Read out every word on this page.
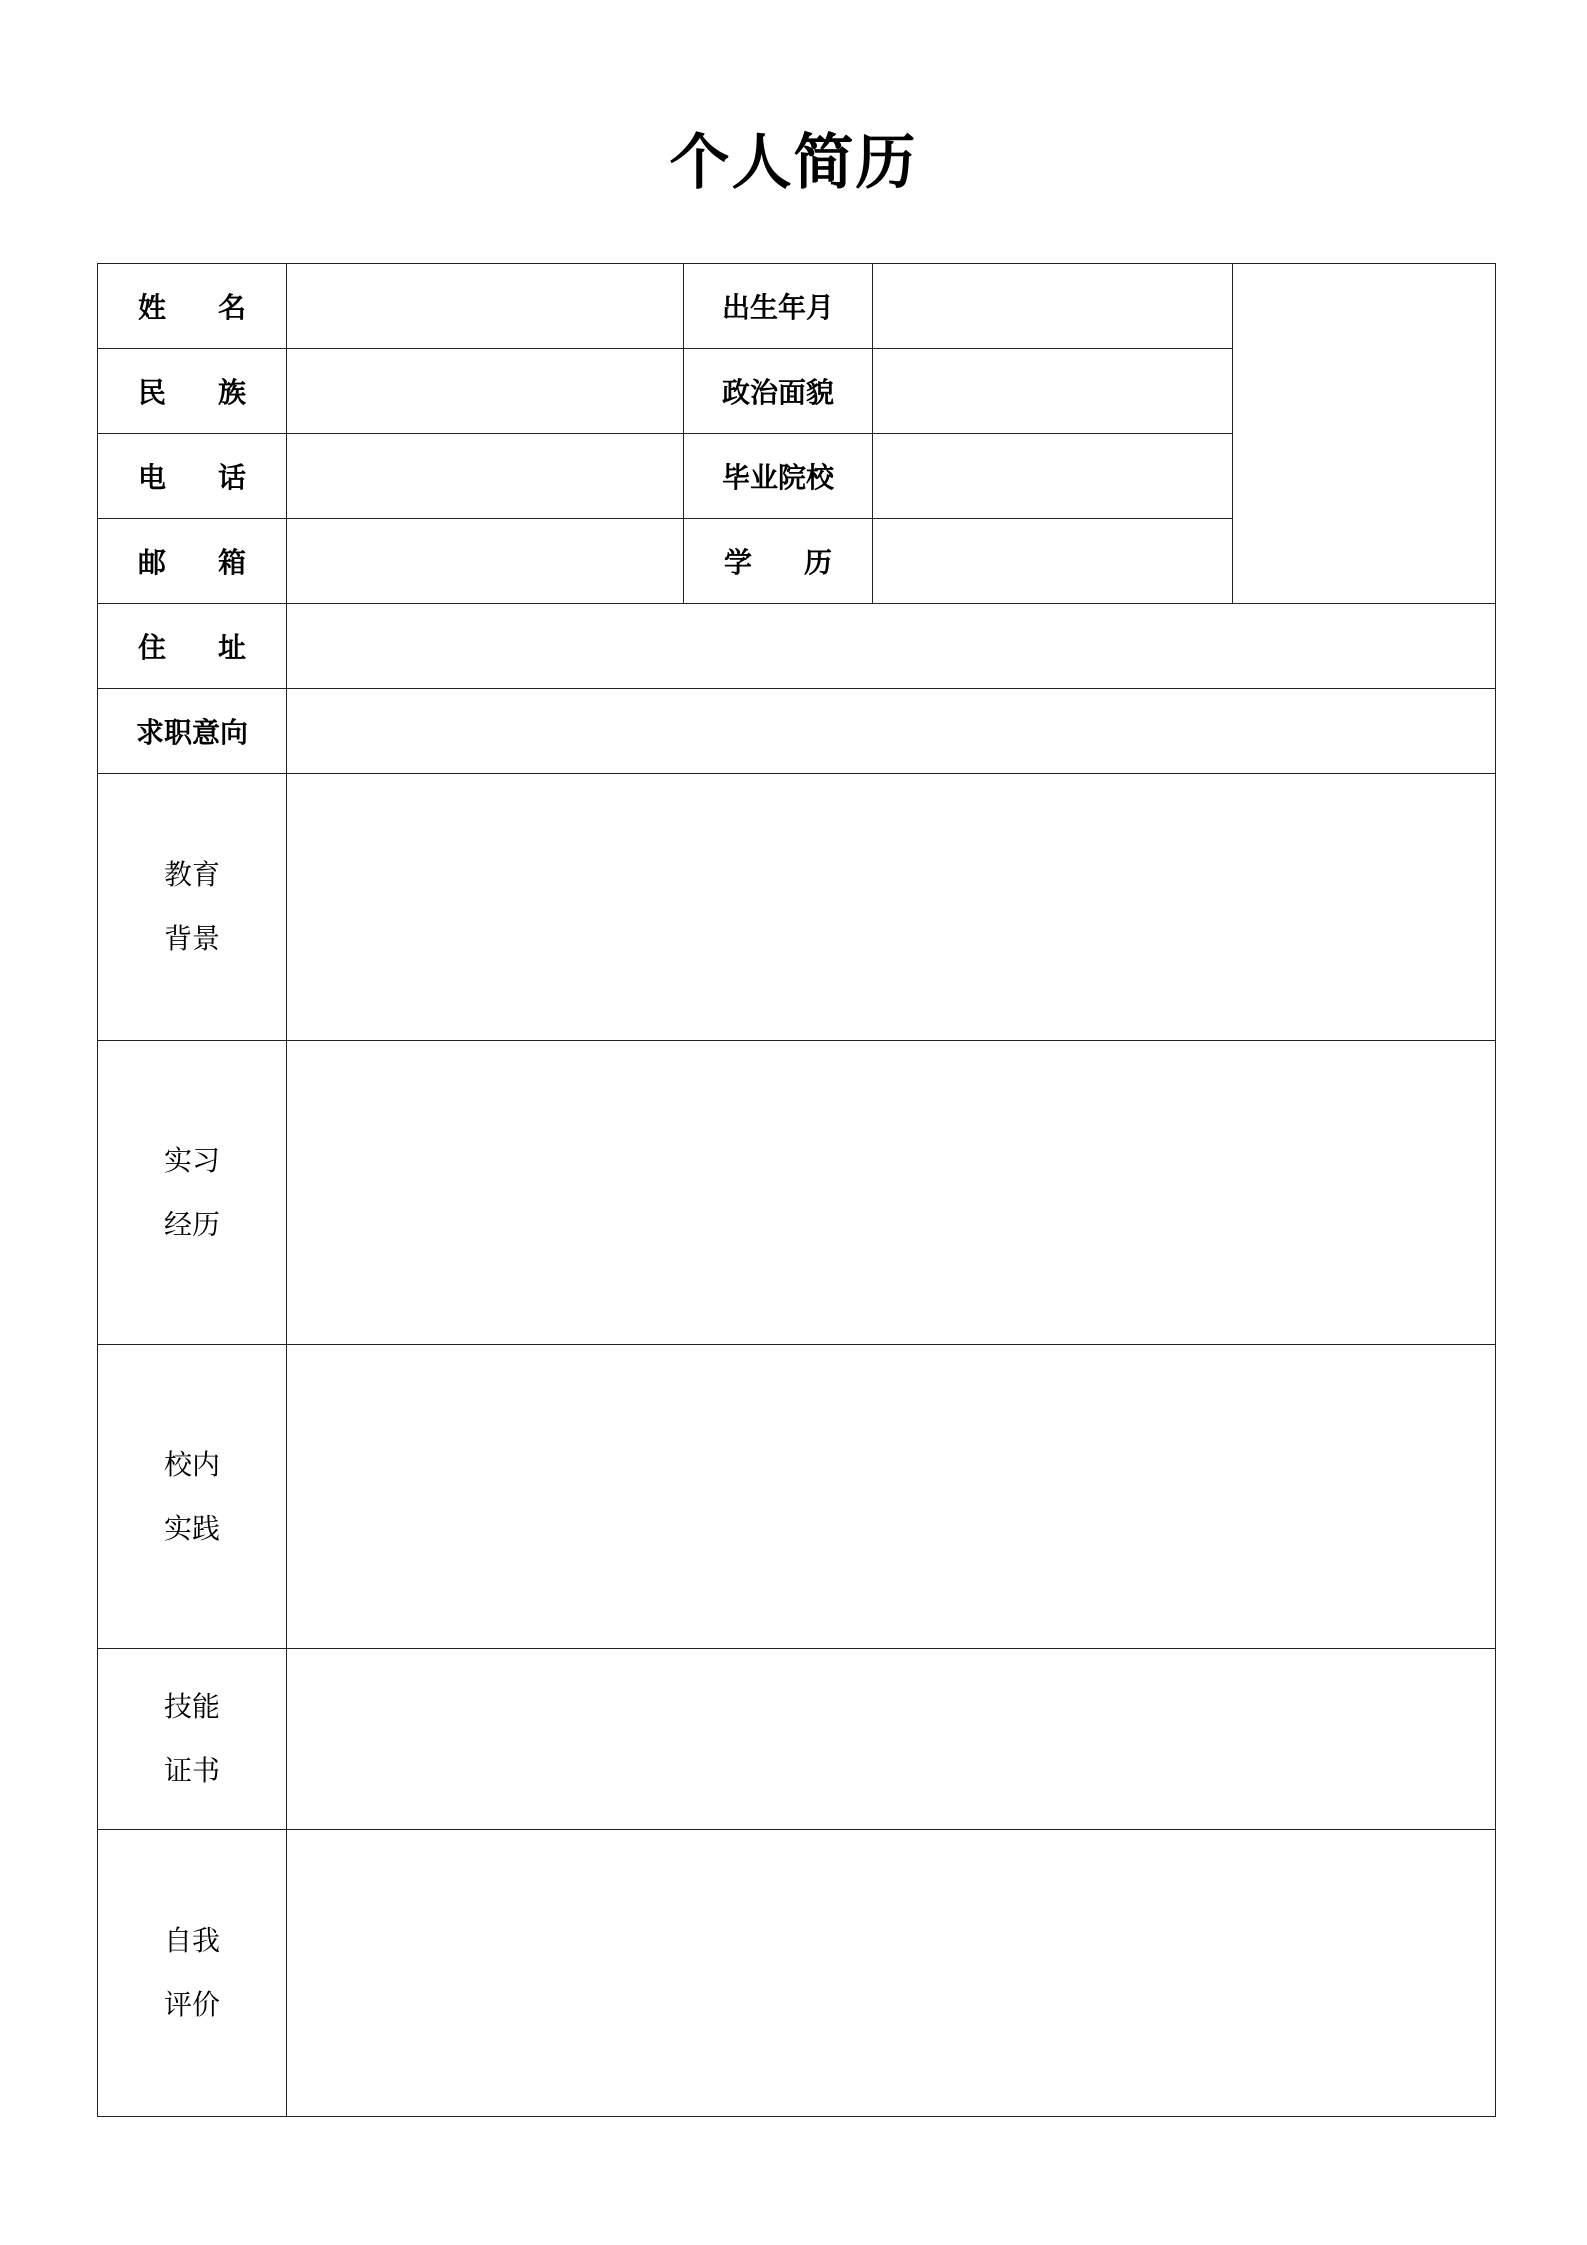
个人简历
姓 名		出生年月		

民 族		政治面貌		

电 话		毕业院校		

邮 箱		学 历		

住 址				

求职意向				

教育
背景				

实习
经历				

校内
实践				

技能
证书				

自我
评价				
